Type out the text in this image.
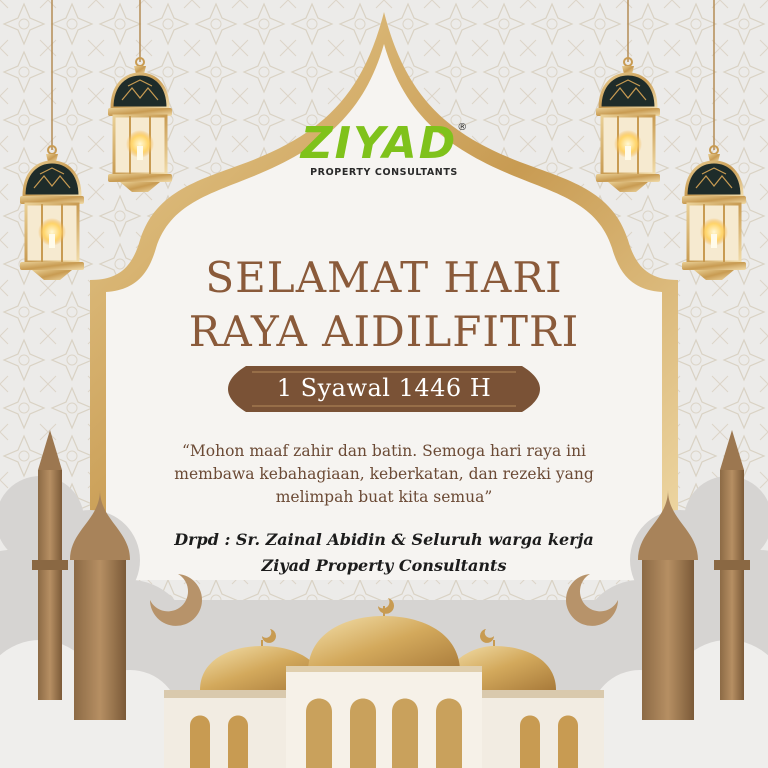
ZIYAD®
PROPERTY CONSULTANTS
SELAMAT HARI
RAYA AIDILFITRI
1 Syawal 1446 H
“Mohon maaf zahir dan batin. Semoga hari raya ini membawa kebahagiaan, keberkatan, dan rezeki yang melimpah buat kita semua”
Drpd : Sr. Zainal Abidin & Seluruh warga kerja
Ziyad Property Consultants
